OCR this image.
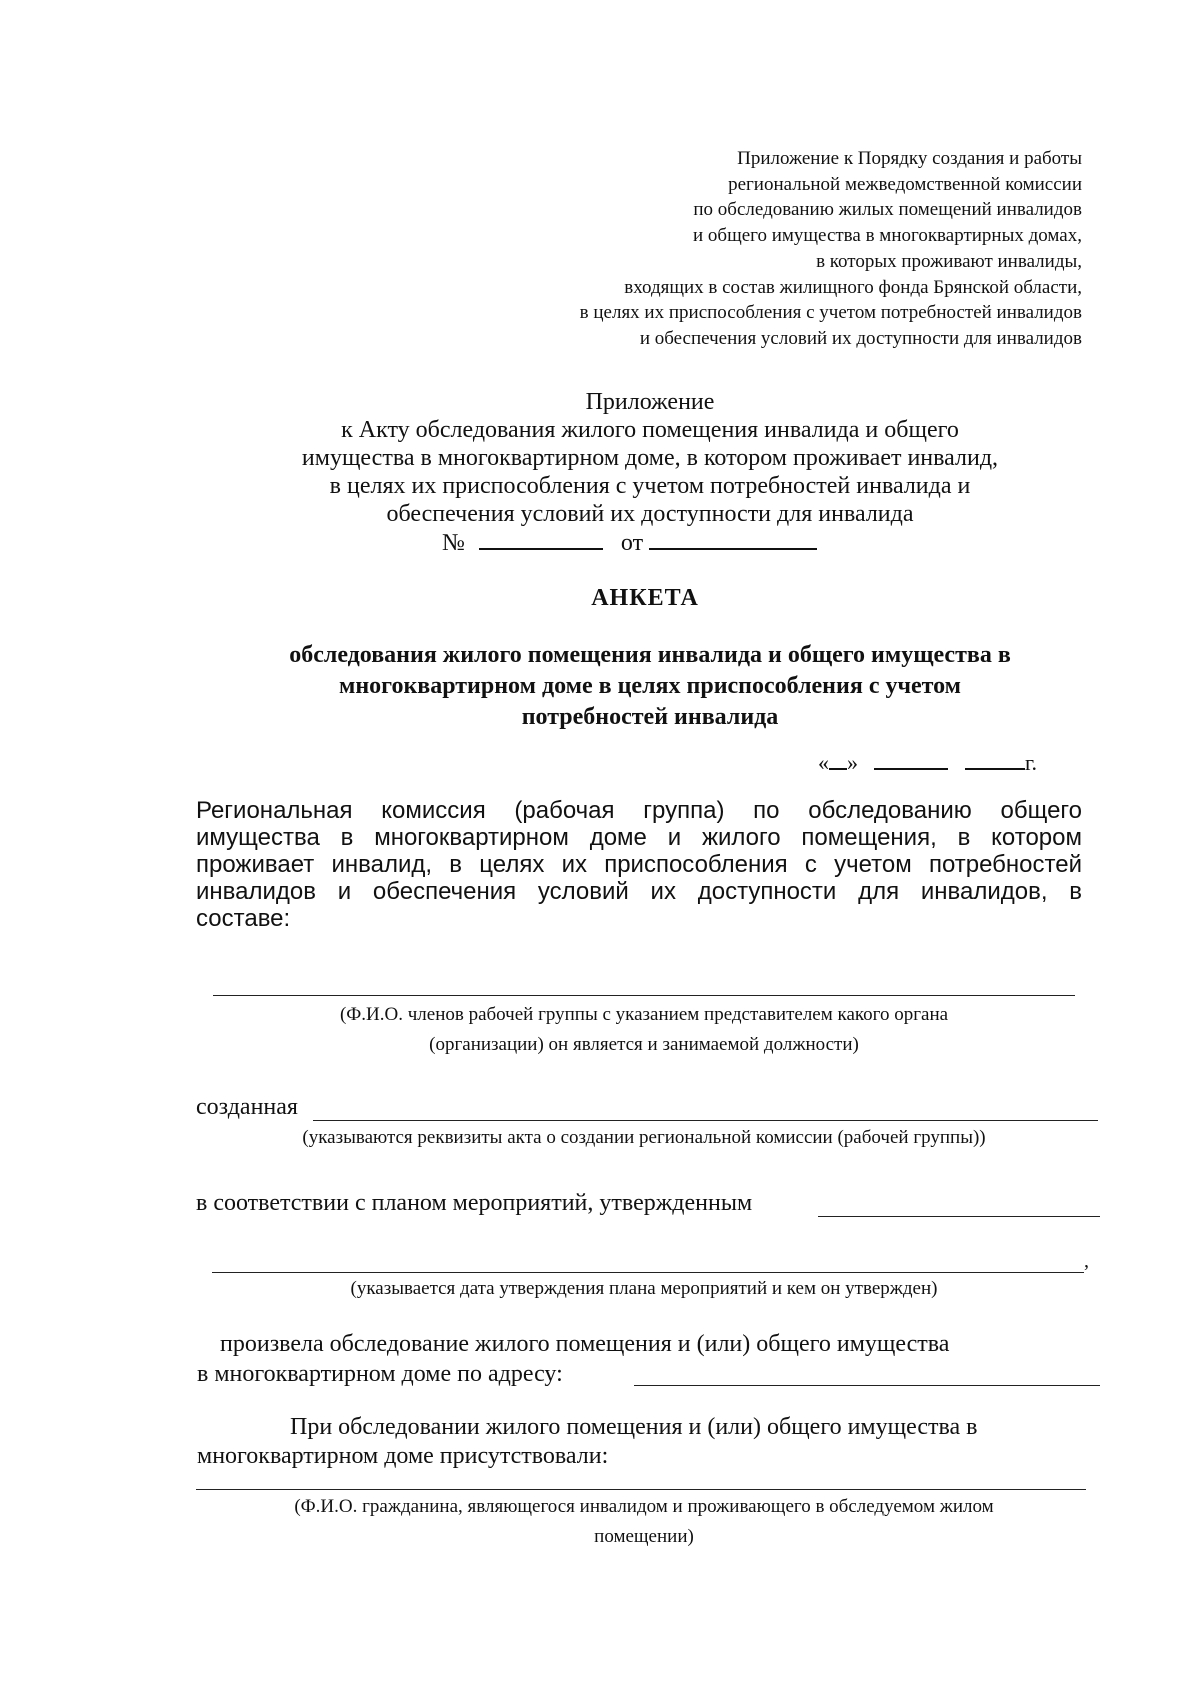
Приложение к Порядку создания и работы
региональной межведомственной комиссии
по обследованию жилых помещений инвалидов
и общего имущества в многоквартирных домах,
в которых проживают инвалиды,
входящих в состав жилищного фонда Брянской области,
в целях их приспособления с учетом потребностей инвалидов
и обеспечения условий их доступности для инвалидов
Приложение
к Акту обследования жилого помещения инвалида и общего
имущества в многоквартирном доме, в котором проживает инвалид,
в целях их приспособления с учетом потребностей инвалида и
обеспечения условий их доступности для инвалида
№	от
АНКЕТА
обследования жилого помещения инвалида и общего имущества в
многоквартирном доме в целях приспособления с учетом
потребностей инвалида
« »	г.
Региональная комиссия (рабочая группа) по обследованию общего
имущества в многоквартирном доме и жилого помещения, в котором
проживает инвалид, в целях их приспособления с учетом потребностей
инвалидов и обеспечения условий их доступности для инвалидов, в
составе:
(Ф.И.О. членов рабочей группы с указанием представителем какого органа
(организации) он является и занимаемой должности)
созданная
(указываются реквизиты акта о создании региональной комиссии (рабочей группы))
в соответствии с планом мероприятий, утвержденным
,
(указывается дата утверждения плана мероприятий и кем он утвержден)
произвела обследование жилого помещения и (или) общего имущества
в многоквартирном доме по адресу:
При обследовании жилого помещения и (или) общего имущества в
многоквартирном доме присутствовали:
(Ф.И.О. гражданина, являющегося инвалидом и проживающего в обследуемом жилом
помещении)
